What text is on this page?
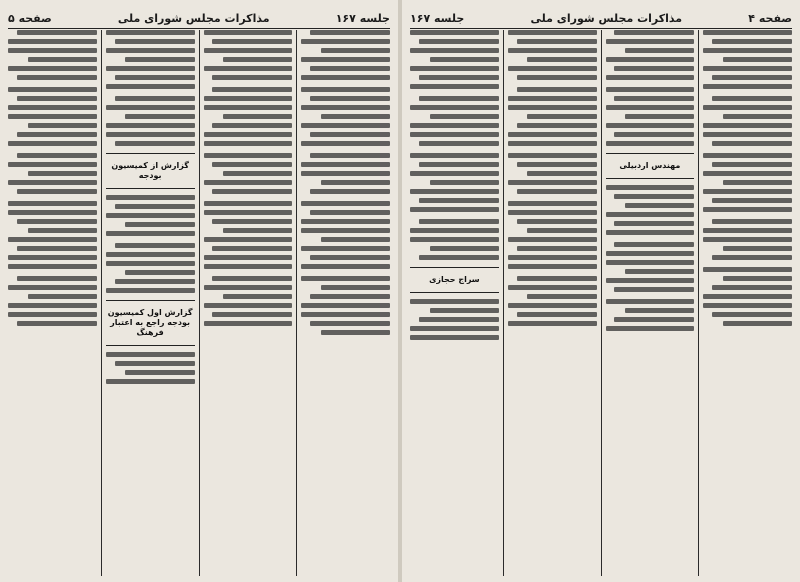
جلسه ۱۶۷
مذاکرات مجلس شورای ملی
صفحه ۵
گزارش از کمیسیون بودجه
گزارش اول کمیسیون بودجه راجع به اعتبار فرهنگ
صفحه ۴
مذاکرات مجلس شورای ملی
جلسه ۱۶۷
مهندس اردبیلی
سراج حجازی
